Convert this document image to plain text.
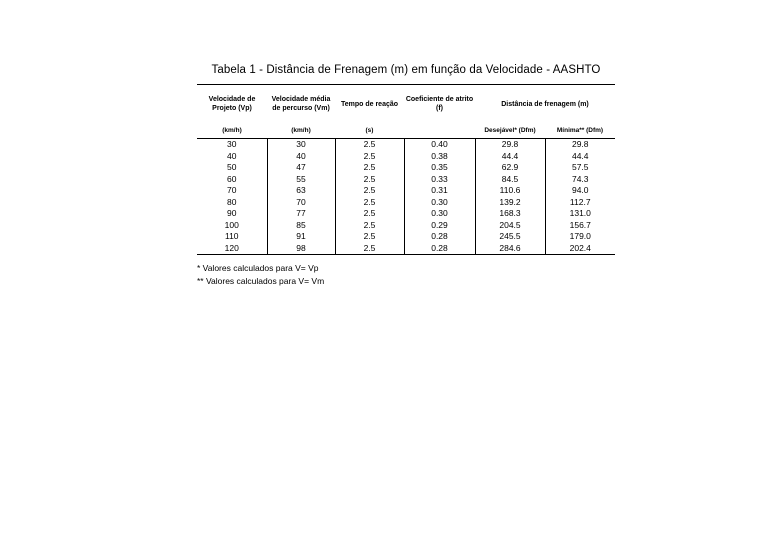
Tabela 1 - Distância de Frenagem (m) em função da Velocidade - AASHTO
Velocidade de Projeto (Vp)	Velocidade média de percurso (Vm)	Tempo de reação	Coeficiente de atrito (f)	Distância de frenagem (m)	
(km/h)	(km/h)	(s)		Desejável* (Dfm)	Mínima** (Dfm)
30	30	2.5	0.40	29.8	29.8
40	40	2.5	0.38	44.4	44.4
50	47	2.5	0.35	62.9	57.5
60	55	2.5	0.33	84.5	74.3
70	63	2.5	0.31	110.6	94.0
80	70	2.5	0.30	139.2	112.7
90	77	2.5	0.30	168.3	131.0
100	85	2.5	0.29	204.5	156.7
110	91	2.5	0.28	245.5	179.0
120	98	2.5	0.28	284.6	202.4
* Valores calculados para V= Vp
** Valores calculados para V= Vm
